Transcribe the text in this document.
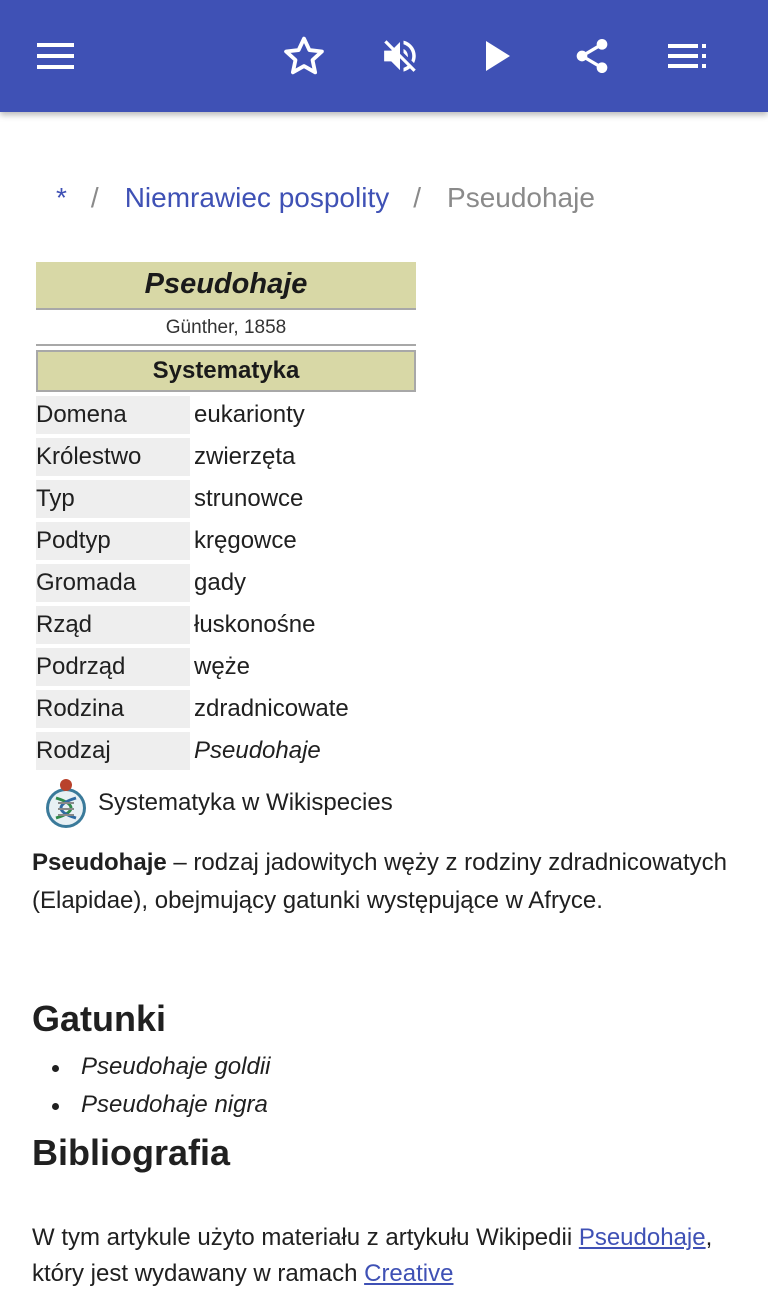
* / Niemrawiec pospolity / Pseudohaje
Pseudohaje
Günther, 1858
Systematyka
Domena	eukarionty
Królestwo	zwierzęta
Typ	strunowce
Podtyp	kręgowce
Gromada	gady
Rząd	łuskonośne
Podrząd	węże
Rodzina	zdradnicowate
Rodzaj	Pseudohaje
Systematyka w Wikispecies
Pseudohaje – rodzaj jadowitych węży z rodziny zdradnicowatych (Elapidae), obejmujący gatunki występujące w Afryce.
Gatunki
Pseudohaje goldii
Pseudohaje nigra
Bibliografia
W tym artykule użyto materiału z artykułu Wikipedii Pseudohaje, który jest wydawany w ramach Creative
